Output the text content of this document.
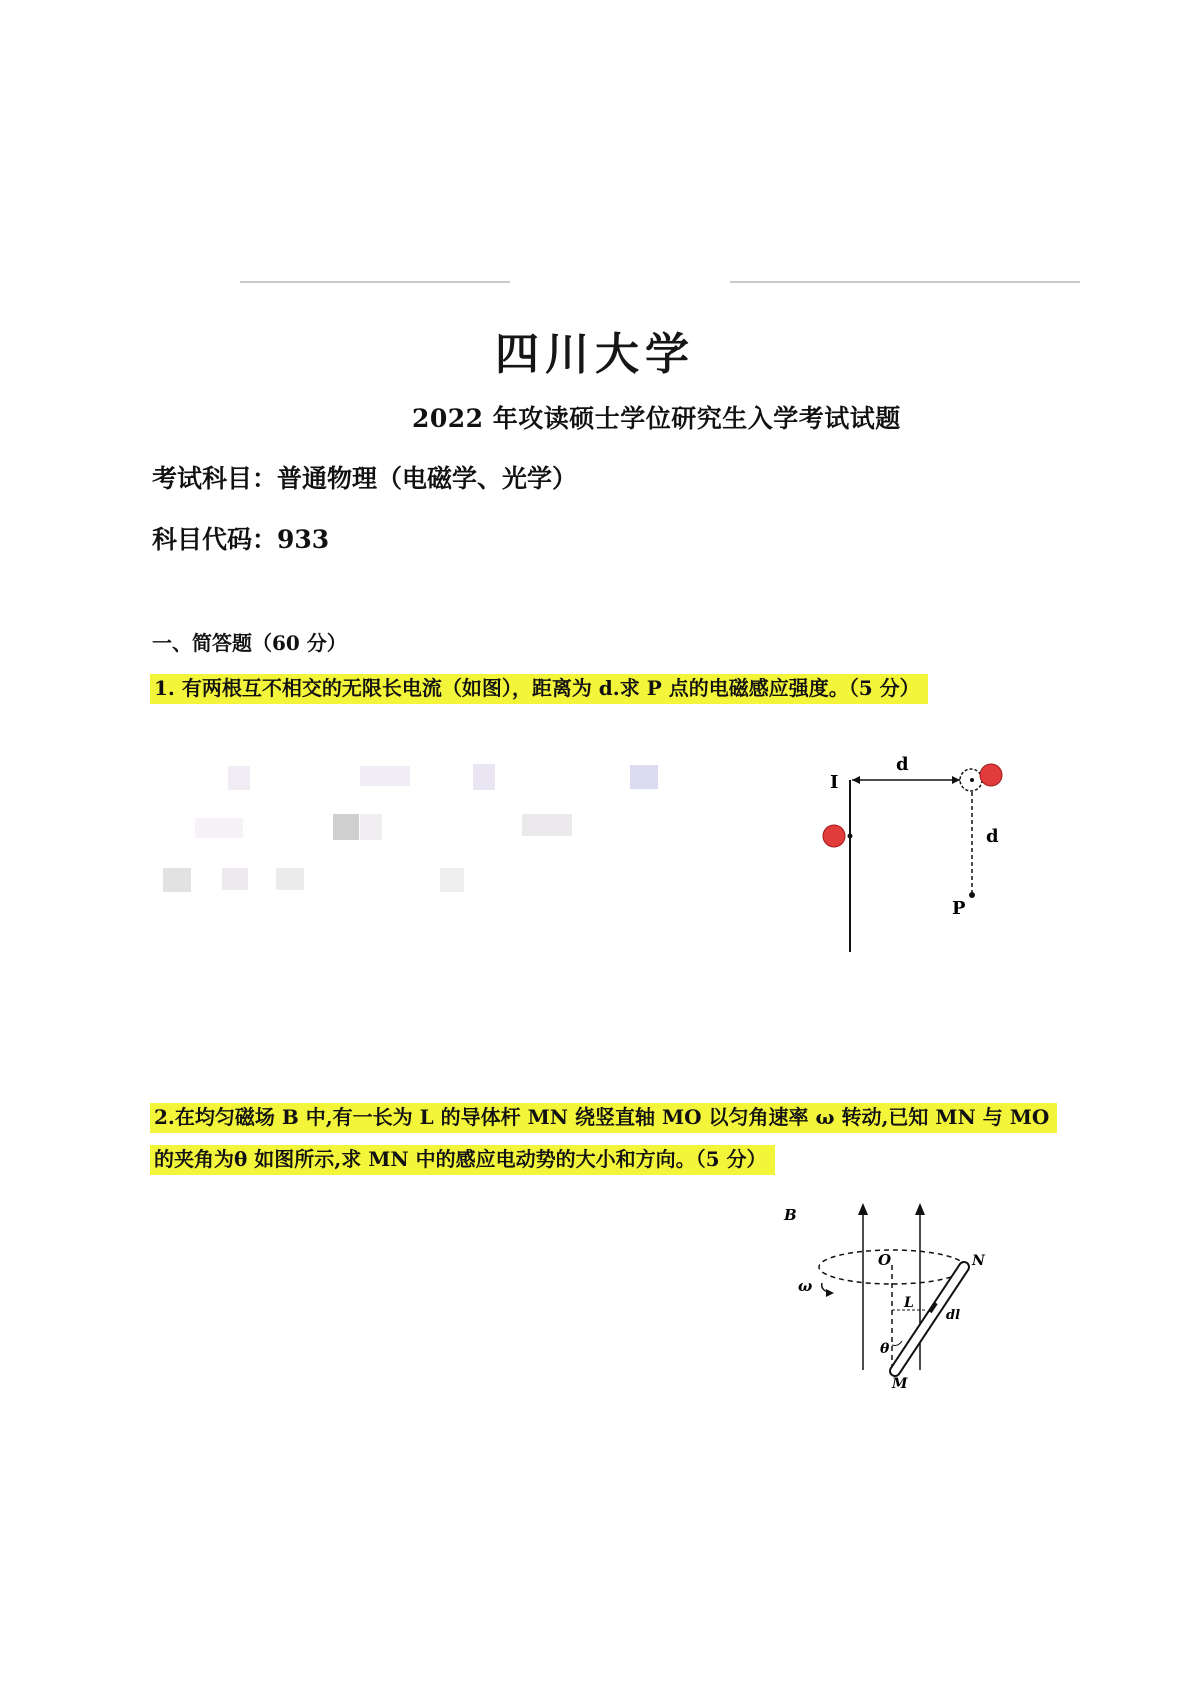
四川大学
2022 年攻读硕士学位研究生入学考试试题
考试科目：普通物理（电磁学、光学）
科目代码：933
一、简答题（60 分）
1. 有两根互不相交的无限长电流（如图），距离为 d.求 P 点的电磁感应强度。（5 分）
I
d
d
P
2.在均匀磁场 B 中,有一长为 L 的导体杆 MN 绕竖直轴 MO 以匀角速率 ω 转动,已知 MN 与 MO
的夹角为θ 如图所示,求 MN 中的感应电动势的大小和方向。（5 分）
B
ω
O	N
M
L
dl
θ
